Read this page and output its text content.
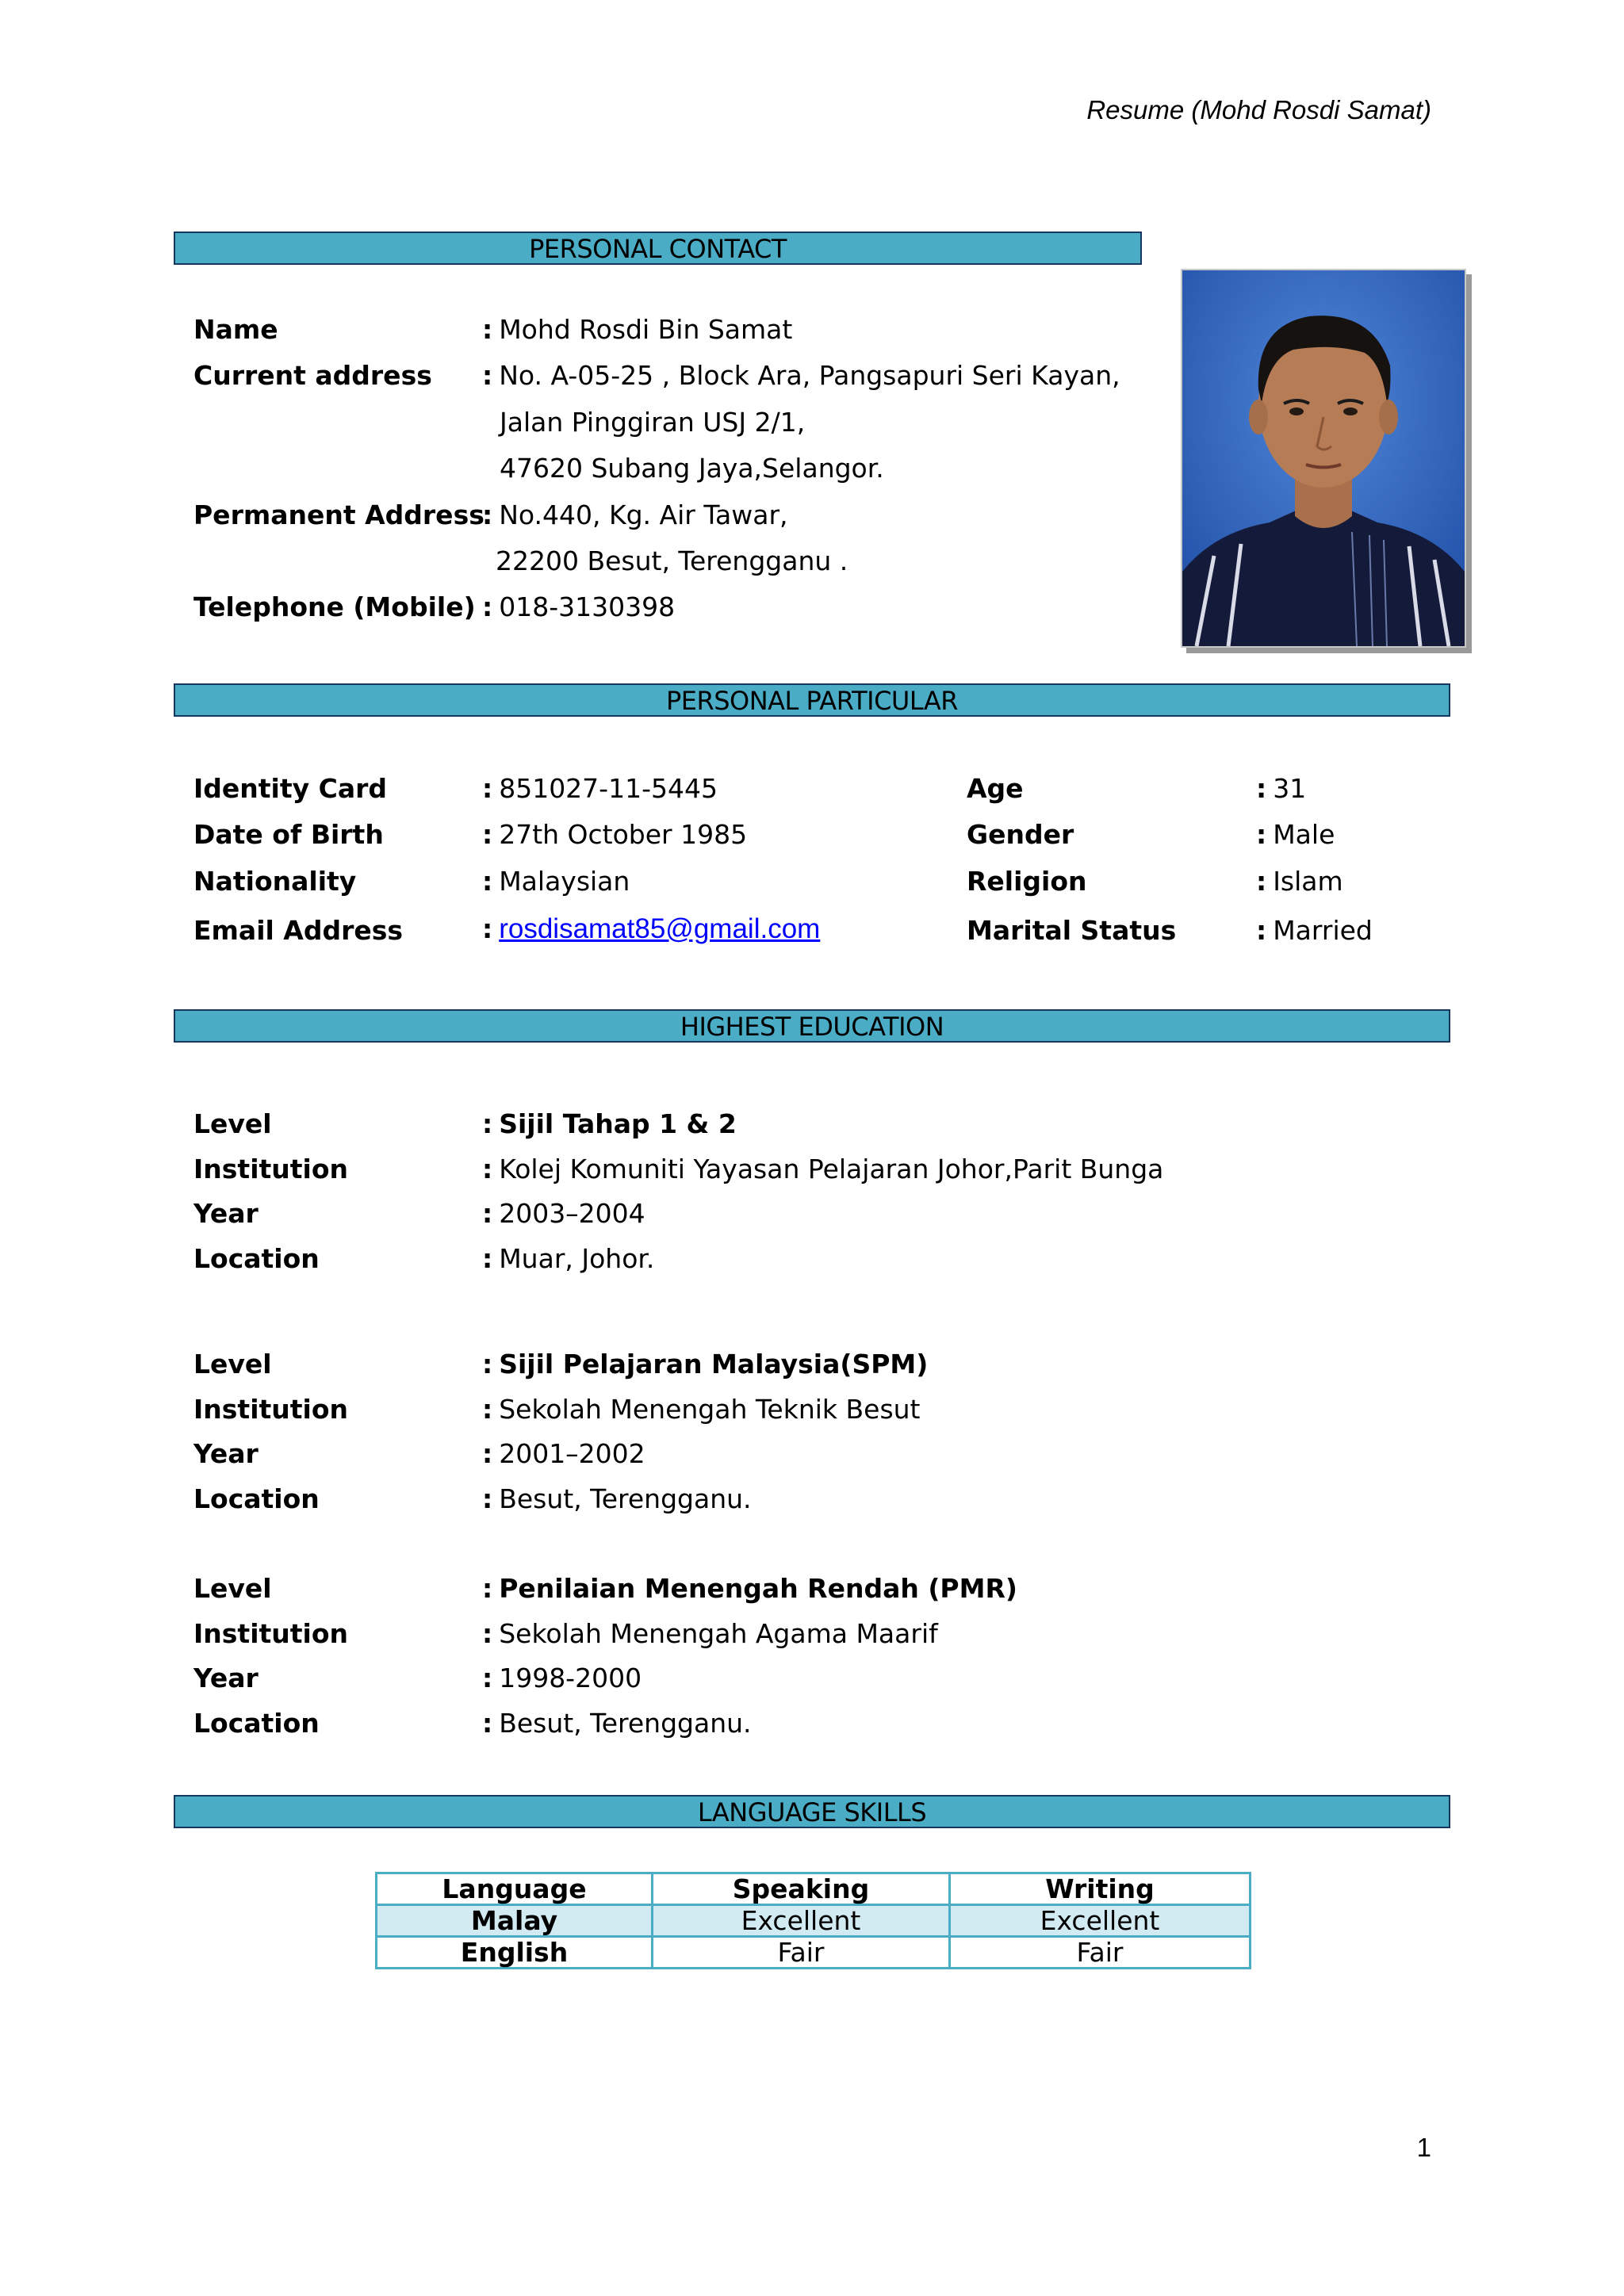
Resume (Mohd Rosdi Samat)
PERSONAL CONTACT
Name	: Mohd Rosdi Bin Samat
Current address : No. A-05-25 , Block Ara, Pangsapuri Seri Kayan,
Jalan Pinggiran USJ 2/1,
47620 Subang Jaya,Selangor.
Permanent Address
: No.440, Kg. Air Tawar,
22200 Besut, Terengganu .
Telephone (Mobile) : 018-3130398
PERSONAL PARTICULAR
Identity Card	: 851027-11-5445	Age	: 31
Date of Birth	: 27th October 1985	Gender	: Male
Nationality	: Malaysian	Religion	: Islam
Email Address	: rosdisamat85@gmail.com	Marital Status	: Married
HIGHEST EDUCATION
Level	: Sijil Tahap 1 & 2
Institution	: Kolej Komuniti Yayasan Pelajaran Johor,Parit Bunga
Year	: 2003–2004
Location	: Muar, Johor.
Level	: Sijil Pelajaran Malaysia(SPM)
Institution	: Sekolah Menengah Teknik Besut
Year	: 2001–2002
Location	: Besut, Terengganu.
Level	: Penilaian Menengah Rendah (PMR)
Institution	: Sekolah Menengah Agama Maarif
Year	: 1998-2000
Location	: Besut, Terengganu.
LANGUAGE SKILLS
Language	Speaking	Writing
Malay	Excellent	Excellent
English	Fair	Fair
1
